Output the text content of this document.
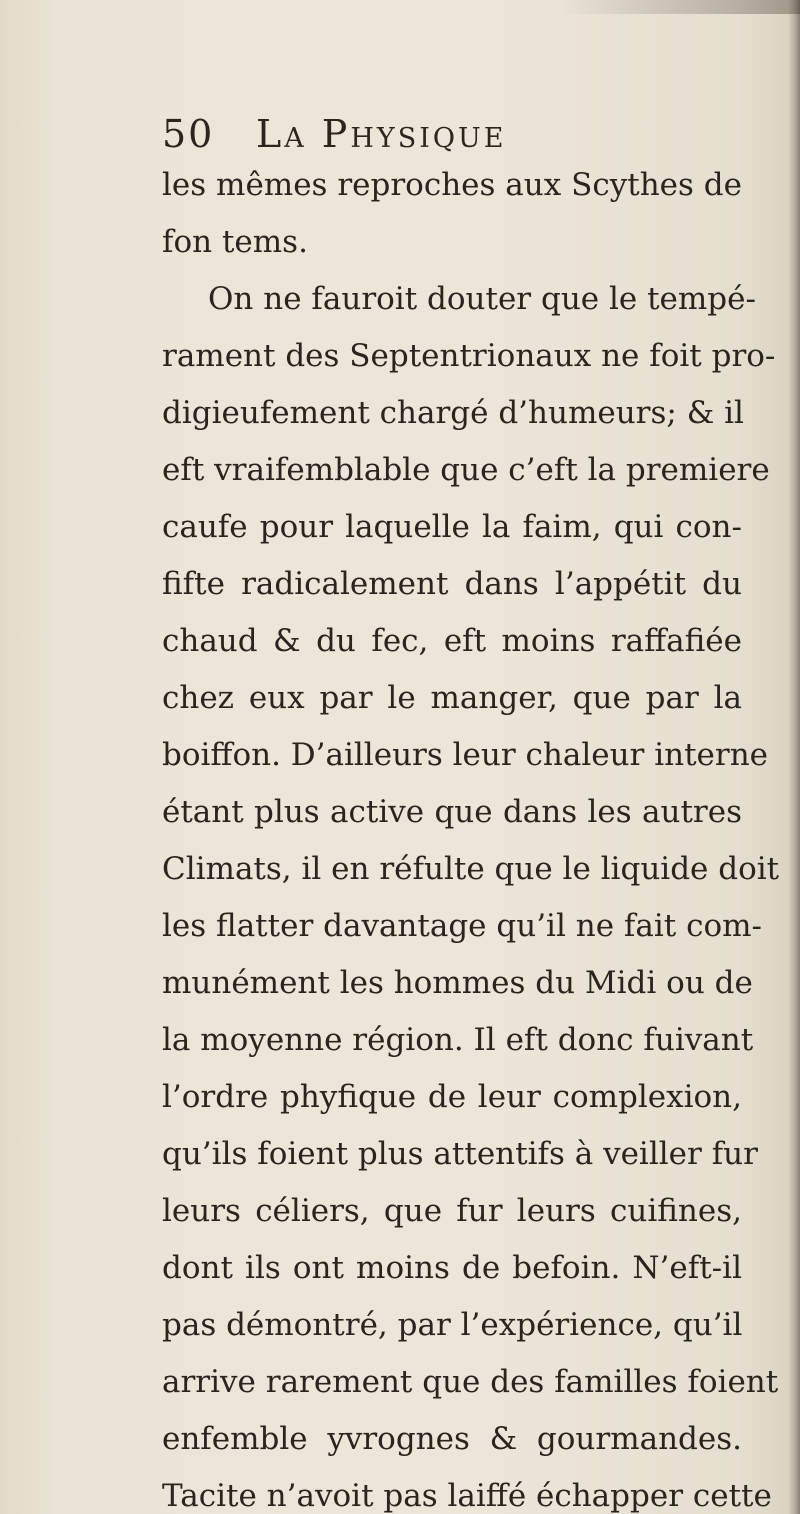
50 La Physique
les mêmes reproches aux Scythes de
fon tems.
On ne fauroit douter que le tempé-
rament des Septentrionaux ne foit pro-
digieufement chargé d’humeurs; & il
eft vraifemblable que c’eft la premiere
caufe pour laquelle la faim, qui con-
fifte radicalement dans l’appétit du
chaud & du fec, eft moins raffafiée
chez eux par le manger, que par la
boiffon. D’ailleurs leur chaleur interne
étant plus active que dans les autres
Climats, il en réfulte que le liquide doit
les flatter davantage qu’il ne fait com-
munément les hommes du Midi ou de
la moyenne région. Il eft donc fuivant
l’ordre phyfique de leur complexion,
qu’ils foient plus attentifs à veiller fur
leurs céliers, que fur leurs cuifines,
dont ils ont moins de befoin. N’eft-il
pas démontré, par l’expérience, qu’il
arrive rarement que des familles foient
enfemble yvrognes & gourmandes.
Tacite n’avoit pas laiffé échapper cette
